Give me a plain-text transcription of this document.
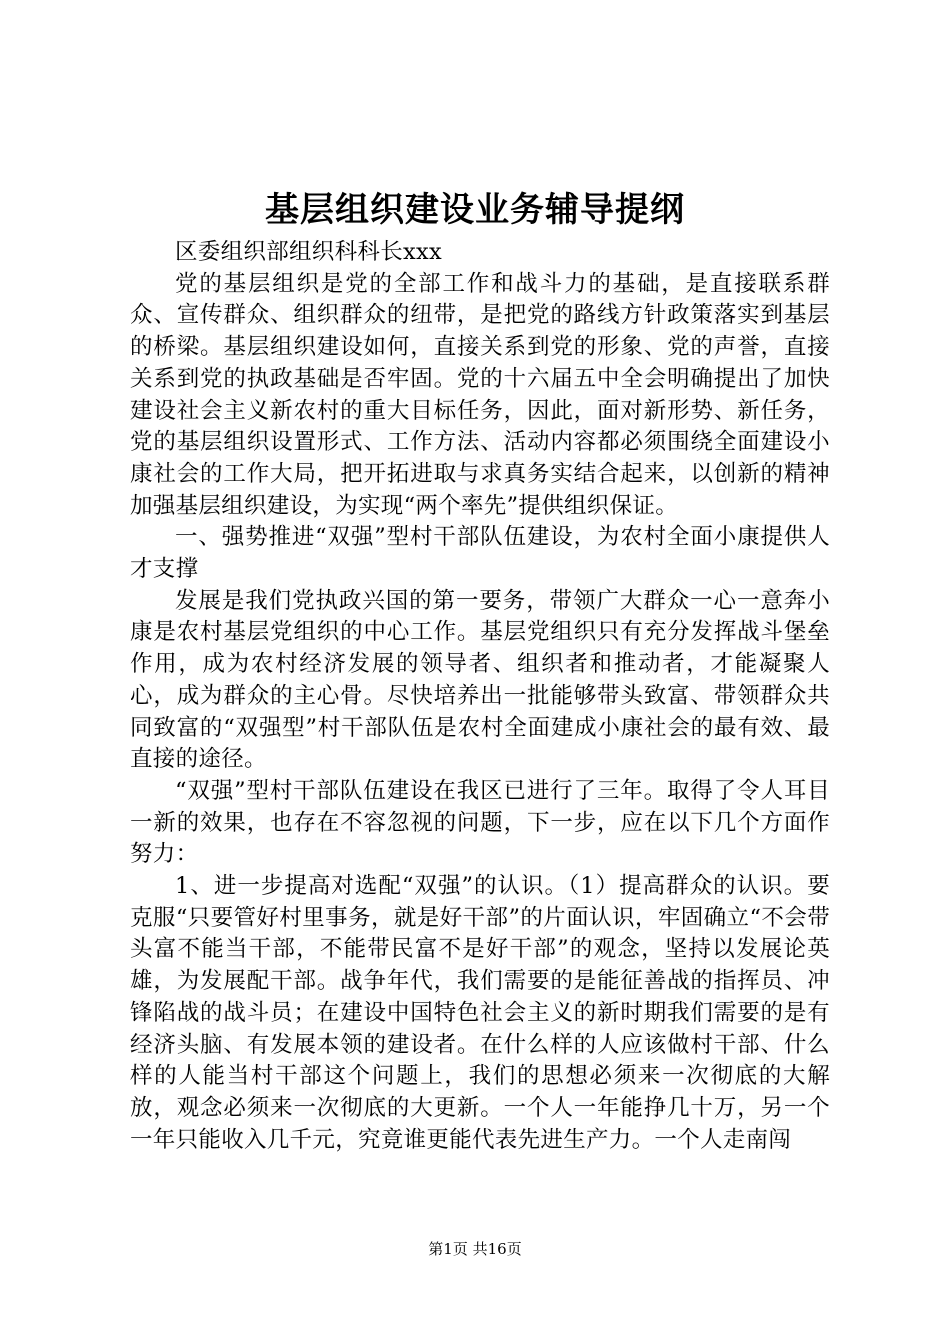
基层组织建设业务辅导提纲

区委组织部组织科科长xxx

党的基层组织是党的全部工作和战斗力的基础，是直接联系群众、宣传群众、组织群众的纽带，是把党的路线方针政策落实到基层的桥梁。基层组织建设如何，直接关系到党的形象、党的声誉，直接关系到党的执政基础是否牢固。党的十六届五中全会明确提出了加快建设社会主义新农村的重大目标任务，因此，面对新形势、新任务，党的基层组织设置形式、工作方法、活动内容都必须围绕全面建设小康社会的工作大局，把开拓进取与求真务实结合起来，以创新的精神加强基层组织建设，为实现“两个率先”提供组织保证。

一、强势推进“双强”型村干部队伍建设，为农村全面小康提供人才支撑

发展是我们党执政兴国的第一要务，带领广大群众一心一意奔小康是农村基层党组织的中心工作。基层党组织只有充分发挥战斗堡垒作用，成为农村经济发展的领导者、组织者和推动者，才能凝聚人心，成为群众的主心骨。尽快培养出一批能够带头致富、带领群众共同致富的“双强型”村干部队伍是农村全面建成小康社会的最有效、最直接的途径。

“双强”型村干部队伍建设在我区已进行了三年。取得了令人耳目一新的效果，也存在不容忽视的问题，下一步，应在以下几个方面作努力：

1、进一步提高对选配“双强”的认识。（1）提高群众的认识。要克服“只要管好村里事务，就是好干部”的片面认识，牢固确立“不会带头富不能当干部，不能带民富不是好干部”的观念，坚持以发展论英雄，为发展配干部。战争年代，我们需要的是能征善战的指挥员、冲锋陷战的战斗员；在建设中国特色社会主义的新时期我们需要的是有经济头脑、有发展本领的建设者。在什么样的人应该做村干部、什么样的人能当村干部这个问题上，我们的思想必须来一次彻底的大解放，观念必须来一次彻底的大更新。一个人一年能挣几十万，另一个一年只能收入几千元，究竟谁更能代表先进生产力。一个人走南闯

第1页 共16页
